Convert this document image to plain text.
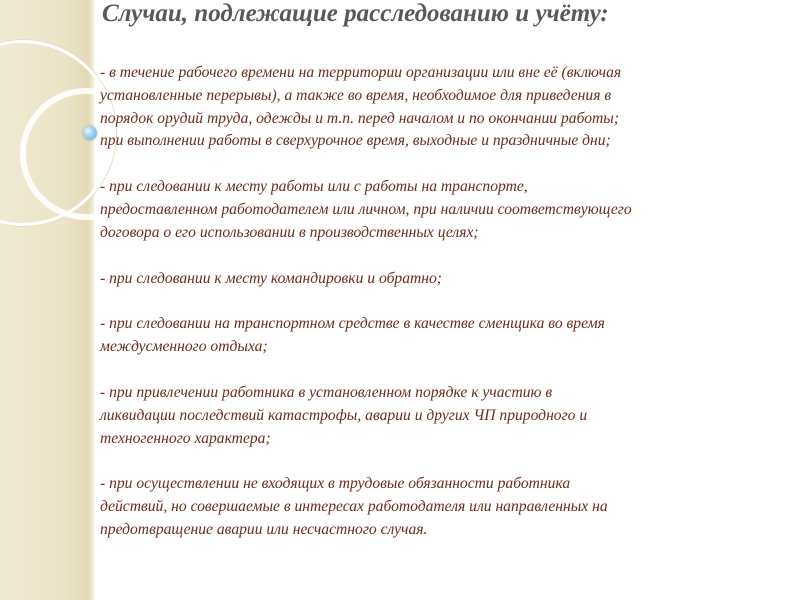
Случаи, подлежащие расследованию и учёту:

- в течение рабочего времени на территории организации или вне её (включая
установленные перерывы), а также во время, необходимое для приведения в
порядок орудий труда, одежды и т.п. перед началом и по окончании работы;
при выполнении работы в сверхурочное время, выходные и праздничные дни;

- при следовании к месту работы или с работы на транспорте,
предоставленном работодателем или личном, при наличии соответствующего
договора о его использовании в производственных целях;

- при следовании к месту командировки и обратно;

- при следовании на транспортном средстве в качестве сменщика во время
междусменного отдыха;

- при привлечении работника в установленном порядке к участию в
ликвидации последствий катастрофы, аварии и других ЧП природного и
техногенного характера;

- при осуществлении не входящих в трудовые обязанности работника
действий, но совершаемые в интересах работодателя или направленных на
предотвращение аварии или несчастного случая.
